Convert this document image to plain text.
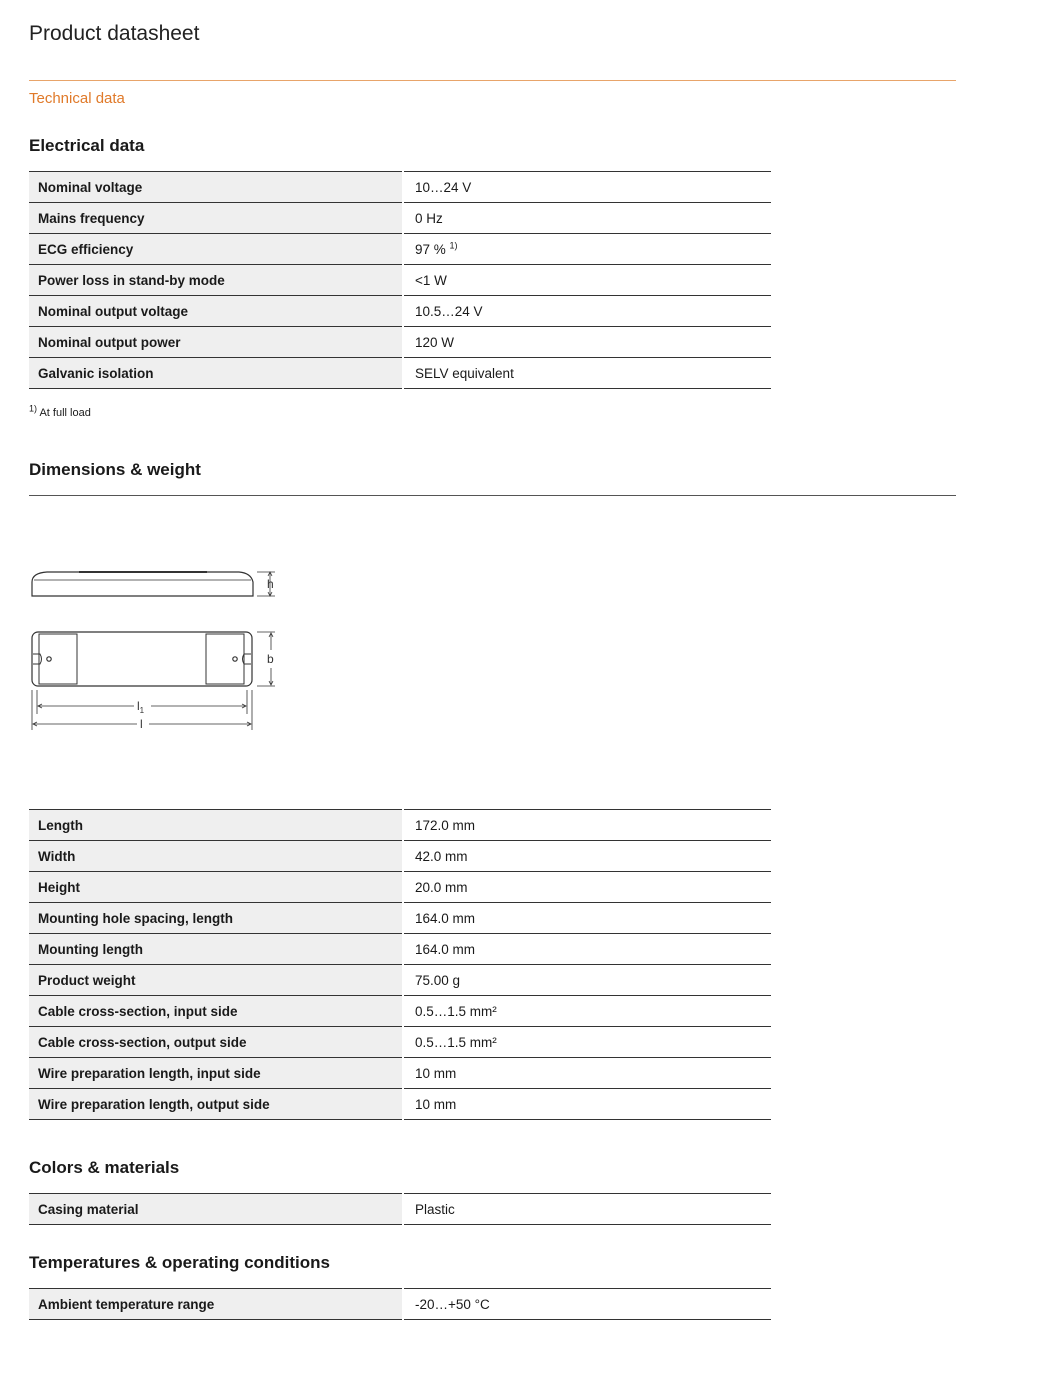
Product datasheet
Technical data
Electrical data
Nominal voltage	10…24 V
Mains frequency	0 Hz
ECG efficiency	97 % $^{1)}$
Power loss in stand-by mode	<1 W
Nominal output voltage	10.5…24 V
Nominal output power	120 W
Galvanic isolation	SELV equivalent
$^{1)}$ At full load
Dimensions & weight
h
b
$l_1$
l
Length	172.0 mm
Width	42.0 mm
Height	20.0 mm
Mounting hole spacing, length	164.0 mm
Mounting length	164.0 mm
Product weight	75.00 g
Cable cross-section, input side	0.5…1.5 mm²
Cable cross-section, output side	0.5…1.5 mm²
Wire preparation length, input side	10 mm
Wire preparation length, output side	10 mm
Colors & materials
Casing material	Plastic
Temperatures & operating conditions
Ambient temperature range	-20…+50 °C
